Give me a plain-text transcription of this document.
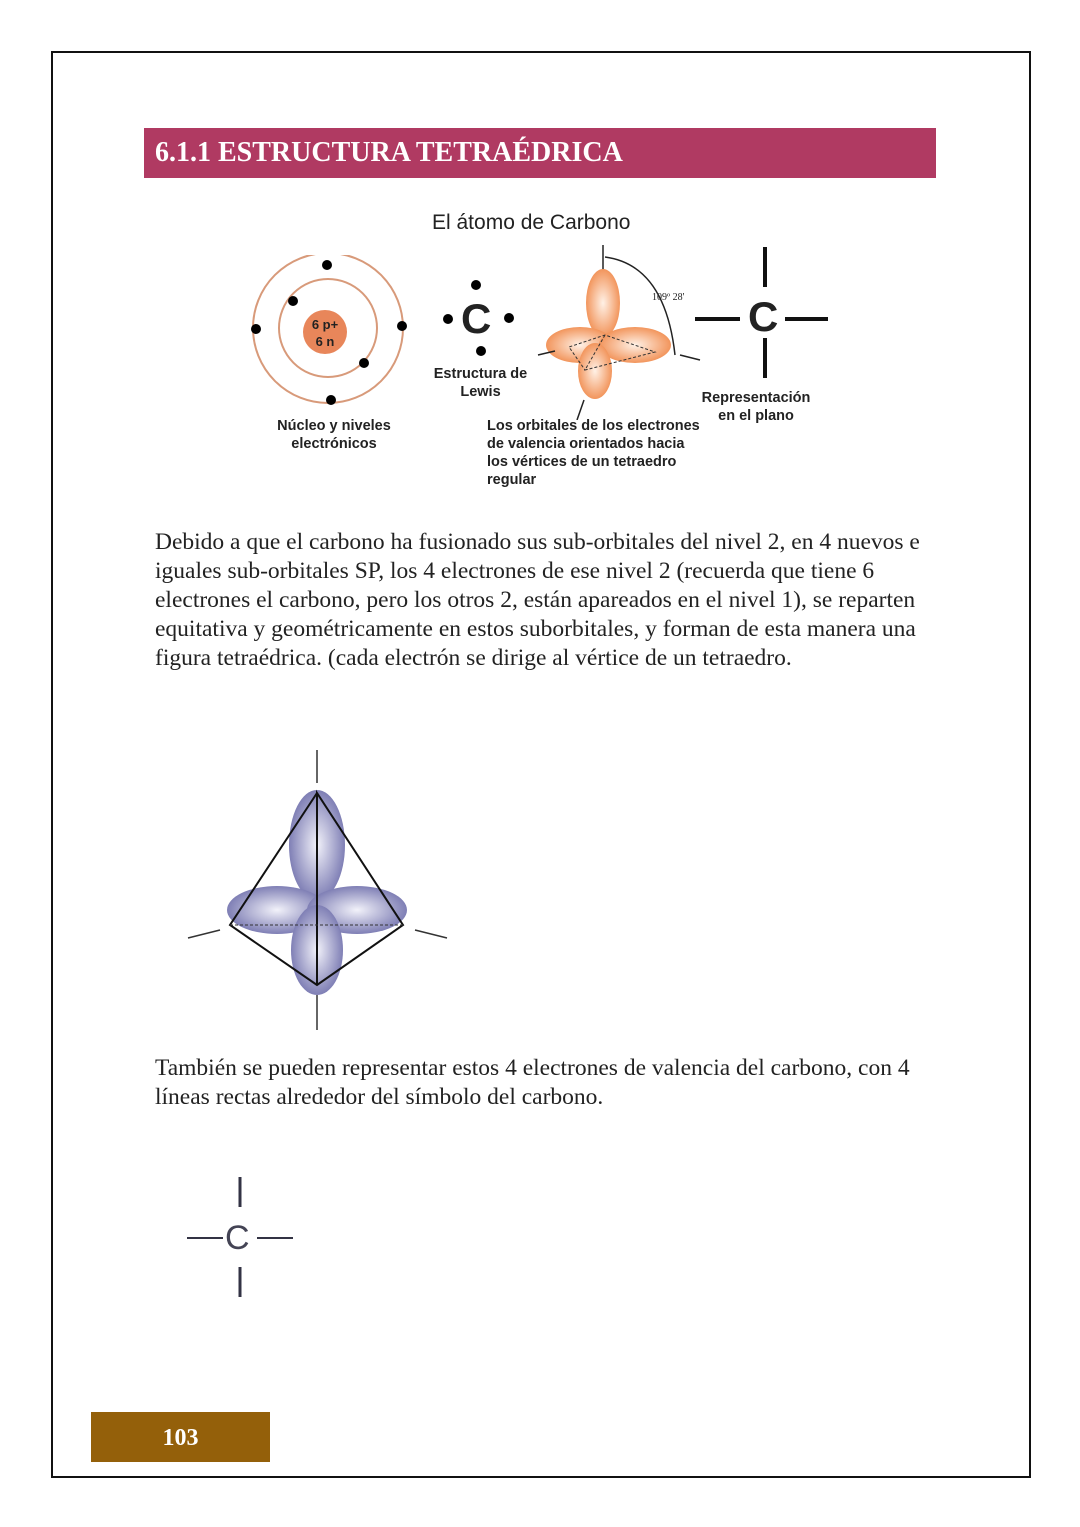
6.1.1 ESTRUCTURA TETRAÉDRICA
El átomo de Carbono
6 p+
6 n
Núcleo y niveles
electrónicos
C
Estructura de
Lewis
109º 28'
Los orbitales de los electrones
de valencia orientados hacia
los vértices de un tetraedro
regular
C
Representación
en el plano
Debido a que el carbono ha fusionado sus sub-orbitales del nivel 2, en 4 nuevos e iguales sub-orbitales SP, los 4 electrones de ese nivel 2 (recuerda que tiene 6 electrones el carbono, pero los otros 2, están apareados en el nivel 1), se reparten equitativa y geométricamente en estos suborbitales, y forman de esta manera una figura tetraédrica. (cada electrón se dirige al vértice de un tetraedro.
También se pueden representar estos 4 electrones de valencia del carbono, con 4 líneas rectas alrededor del símbolo del carbono.
C
103
